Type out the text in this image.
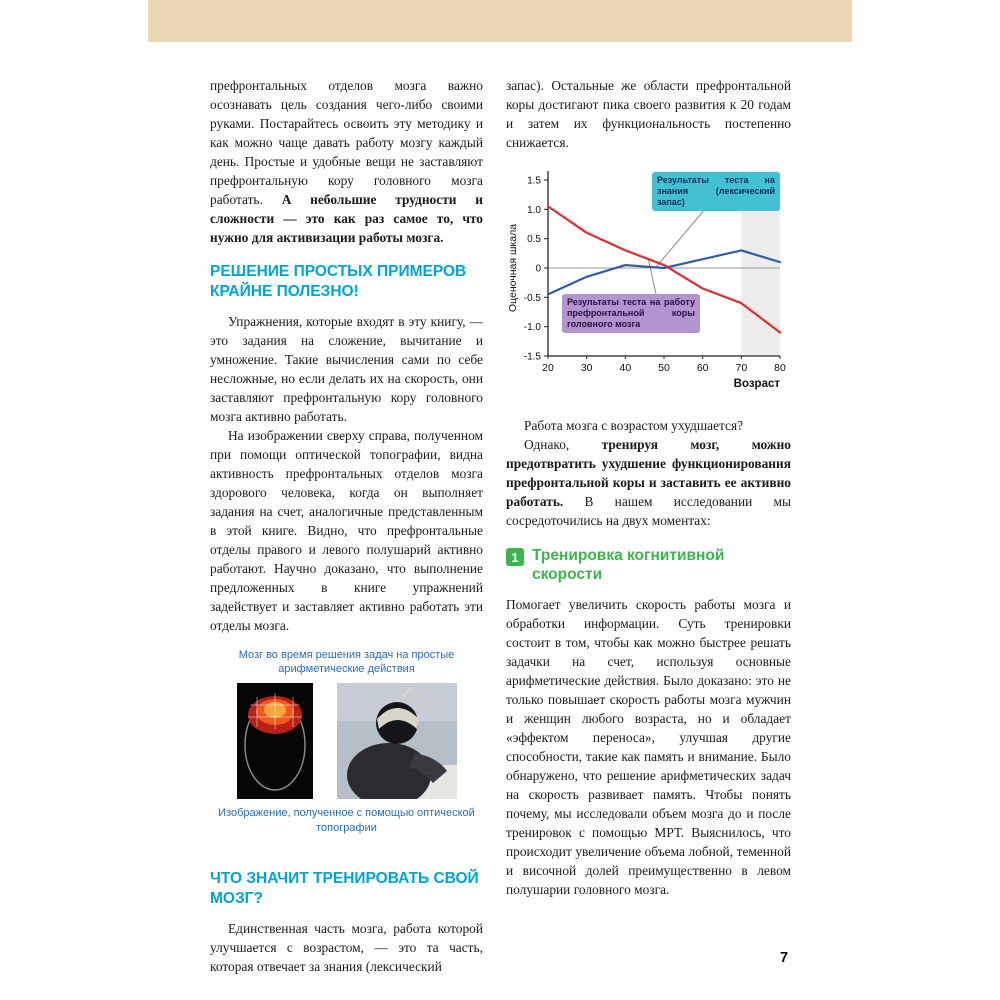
префронтальных отделов мозга важно осознавать цель создания чего-либо своими руками. Постарайтесь освоить эту методику и как можно чаще давать работу мозгу каждый день. Простые и удобные вещи не заставляют префронтальную кору головного мозга работать. А небольшие трудности и сложности — это как раз самое то, что нужно для активизации работы мозга.

РЕШЕНИЕ ПРОСТЫХ ПРИМЕРОВ КРАЙНЕ ПОЛЕЗНО!

Упражнения, которые входят в эту книгу, — это задания на сложение, вычитание и умножение. Такие вычисления сами по себе несложные, но если делать их на скорость, они заставляют префронтальную кору головного мозга активно работать.

На изображении сверху справа, полученном при помощи оптической топографии, видна активность префронтальных отделов мозга здорового человека, когда он выполняет задания на счет, аналогичные представленным в этой книге. Видно, что префронтальные отделы правого и левого полушарий активно работают. Научно доказано, что выполнение предложенных в книге упражнений задействует и заставляет активно работать эти отделы мозга.

Мозг во время решения задач на простые арифметические действия
Изображение, полученное с помощью оптической топографии
ЧТО ЗНАЧИТ ТРЕНИРОВАТЬ СВОЙ МОЗГ?

Единственная часть мозга, работа которой улучшается с возрастом, — это та часть, которая отвечает за знания (лексический

запас). Остальные же области префронтальной коры достигают пика своего развития к 20 годам и затем их функциональность постепенно снижается.

1.5
1.0
0.5
0
-0.5
-1.0
-1.5
20	30	40	50	60	70	80
Оценочная шкала
Возраст
Результаты теста на знания (лексический запас)
Результаты теста на работу префронтальной коры головного мозга

Работа мозга с возрастом ухудшается?

Однако, тренируя мозг, можно предотвратить ухудшение функционирования префронтальной коры и заставить ее активно работать. В нашем исследовании мы сосредоточились на двух моментах:

1 Тренировка когнитивной скорости

Помогает увеличить скорость работы мозга и обработки информации. Суть тренировки состоит в том, чтобы как можно быстрее решать задачки на счет, используя основные арифметические действия. Было доказано: это не только повышает скорость работы мозга мужчин и женщин любого возраста, но и обладает «эффектом переноса», улучшая другие способности, такие как память и внимание. Было обнаружено, что решение арифметических задач на скорость развивает память. Чтобы понять почему, мы исследовали объем мозга до и после тренировок с помощью МРТ. Выяснилось, что происходит увеличение объема лобной, теменной и височной долей преимущественно в левом полушарии головного мозга.

7
